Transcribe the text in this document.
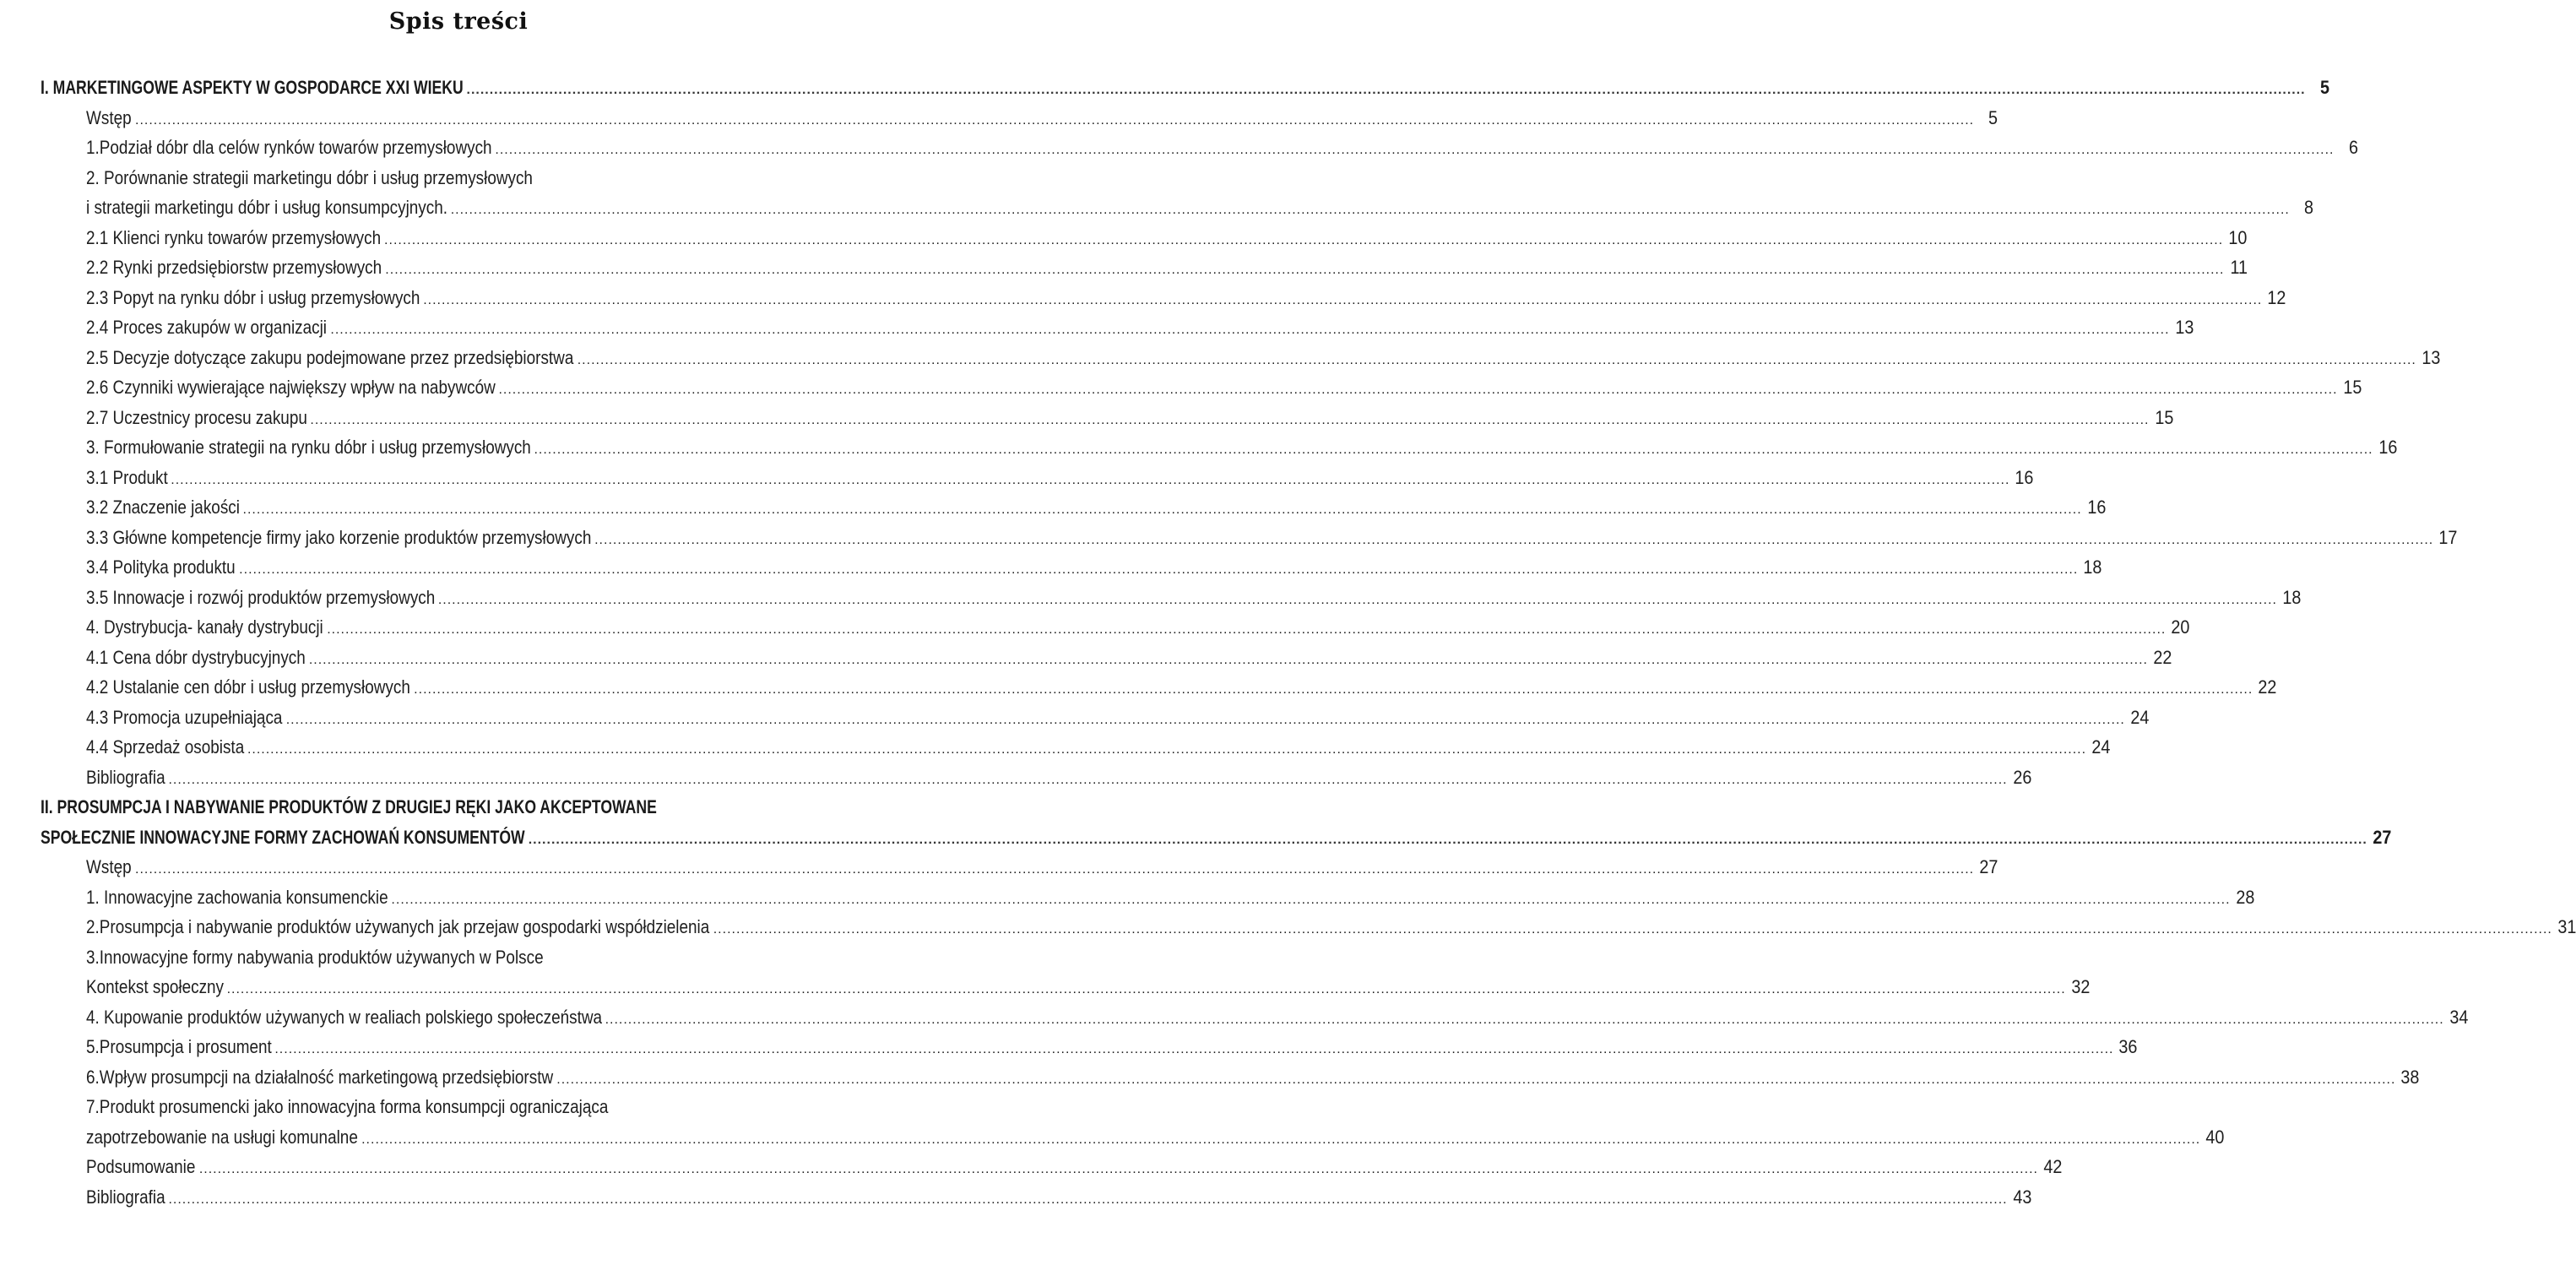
Spis treści
I. MARKETINGOWE ASPEKTY W GOSPODARCE XXI WIEKU ................................................................................................................................................................................................................................................................................................................................................................................................................ 5
Wstęp ................................................................................................................................................................................................................................................................................................................................................................................................................ 5
1.Podział dóbr dla celów rynków towarów przemysłowych ................................................................................................................................................................................................................................................................................................................................................................................................................ 6
2. Porównanie strategii marketingu dóbr i usług przemysłowych
i strategii marketingu dóbr i usług konsumpcyjnych. ................................................................................................................................................................................................................................................................................................................................................................................................................ 8
2.1 Klienci rynku towarów przemysłowych ................................................................................................................................................................................................................................................................................................................................................................................................................ 10
2.2 Rynki przedsiębiorstw przemysłowych ................................................................................................................................................................................................................................................................................................................................................................................................................ 11
2.3 Popyt na rynku dóbr i usług przemysłowych ................................................................................................................................................................................................................................................................................................................................................................................................................ 12
2.4 Proces zakupów w organizacji ................................................................................................................................................................................................................................................................................................................................................................................................................ 13
2.5 Decyzje dotyczące zakupu podejmowane przez przedsiębiorstwa ................................................................................................................................................................................................................................................................................................................................................................................................................ 13
2.6 Czynniki wywierające największy wpływ na nabywców ................................................................................................................................................................................................................................................................................................................................................................................................................ 15
2.7 Uczestnicy procesu zakupu ................................................................................................................................................................................................................................................................................................................................................................................................................ 15
3. Formułowanie strategii na rynku dóbr i usług przemysłowych ................................................................................................................................................................................................................................................................................................................................................................................................................ 16
3.1 Produkt ................................................................................................................................................................................................................................................................................................................................................................................................................ 16
3.2 Znaczenie jakości ................................................................................................................................................................................................................................................................................................................................................................................................................ 16
3.3 Główne kompetencje firmy jako korzenie produktów przemysłowych ................................................................................................................................................................................................................................................................................................................................................................................................................ 17
3.4 Polityka produktu ................................................................................................................................................................................................................................................................................................................................................................................................................ 18
3.5 Innowacje i rozwój produktów przemysłowych ................................................................................................................................................................................................................................................................................................................................................................................................................ 18
4. Dystrybucja- kanały dystrybucji ................................................................................................................................................................................................................................................................................................................................................................................................................ 20
4.1 Cena dóbr dystrybucyjnych ................................................................................................................................................................................................................................................................................................................................................................................................................ 22
4.2 Ustalanie cen dóbr i usług przemysłowych ................................................................................................................................................................................................................................................................................................................................................................................................................ 22
4.3 Promocja uzupełniająca ................................................................................................................................................................................................................................................................................................................................................................................................................ 24
4.4 Sprzedaż osobista ................................................................................................................................................................................................................................................................................................................................................................................................................ 24
Bibliografia ................................................................................................................................................................................................................................................................................................................................................................................................................ 26
II. PROSUMPCJA I NABYWANIE PRODUKTÓW Z DRUGIEJ RĘKI JAKO AKCEPTOWANE
SPOŁECZNIE INNOWACYJNE FORMY ZACHOWAŃ KONSUMENTÓW ................................................................................................................................................................................................................................................................................................................................................................................................................ 27
Wstęp ................................................................................................................................................................................................................................................................................................................................................................................................................ 27
1. Innowacyjne zachowania konsumenckie ................................................................................................................................................................................................................................................................................................................................................................................................................ 28
2.Prosumpcja i nabywanie produktów używanych jak przejaw gospodarki współdzielenia ................................................................................................................................................................................................................................................................................................................................................................................................................ 31
3.Innowacyjne formy nabywania produktów używanych w Polsce
Kontekst społeczny ................................................................................................................................................................................................................................................................................................................................................................................................................ 32
4. Kupowanie produktów używanych w realiach polskiego społeczeństwa ................................................................................................................................................................................................................................................................................................................................................................................................................ 34
5.Prosumpcja i prosument ................................................................................................................................................................................................................................................................................................................................................................................................................ 36
6.Wpływ prosumpcji na działalność marketingową przedsiębiorstw ................................................................................................................................................................................................................................................................................................................................................................................................................ 38
7.Produkt prosumencki jako innowacyjna forma konsumpcji ograniczająca
zapotrzebowanie na usługi komunalne ................................................................................................................................................................................................................................................................................................................................................................................................................ 40
Podsumowanie ................................................................................................................................................................................................................................................................................................................................................................................................................ 42
Bibliografia ................................................................................................................................................................................................................................................................................................................................................................................................................ 43
